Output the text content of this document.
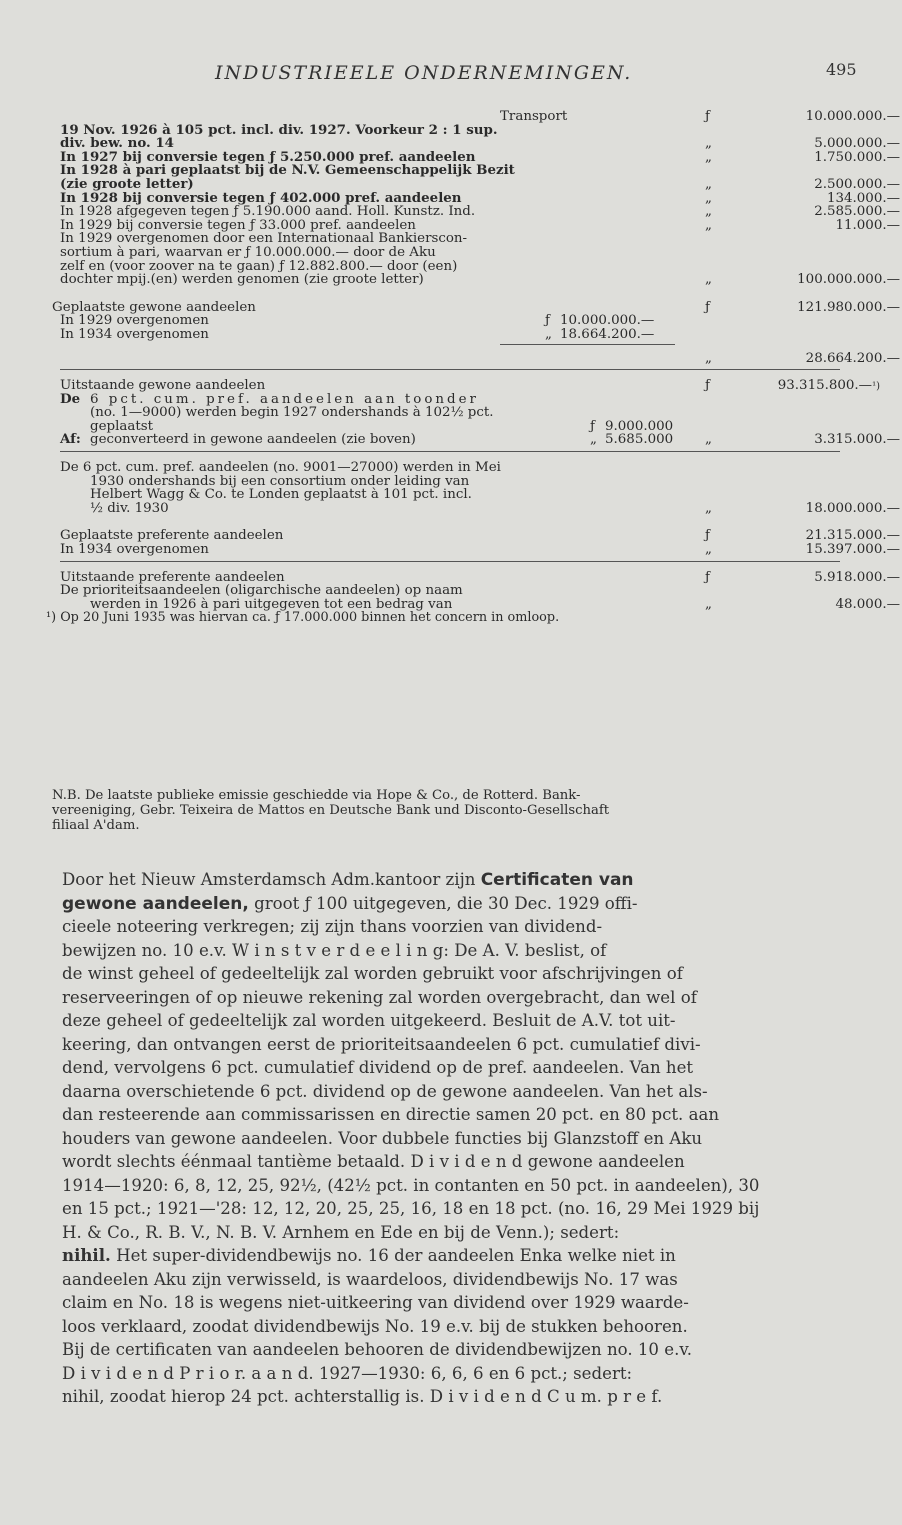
INDUSTRIEELE ONDERNEMINGEN.	495
Transport	ƒ	10.000.000.—
19 Nov. 1926 à 105 pct. incl. div. 1927. Voorkeur 2 : 1 sup.
div. bew. no. 14	„	5.000.000.—
In 1927 bij conversie tegen ƒ 5.250.000 pref. aandeelen	„	1.750.000.—
In 1928 à pari geplaatst bij de N.V. Gemeenschappelijk Bezit
(zie groote letter)	„	2.500.000.—
In 1928 bij conversie tegen ƒ 402.000 pref. aandeelen	„	134.000.—
In 1928 afgegeven tegen ƒ 5.190.000 aand. Holl. Kunstz. Ind.	„	2.585.000.—
In 1929 bij conversie tegen ƒ 33.000 pref. aandeelen	„	11.000.—
In 1929 overgenomen door een Internationaal Bankierscon-
sortium à pari, waarvan er ƒ 10.000.000.— door de Aku
zelf en (voor zoover na te gaan) ƒ 12.882.800.— door (een)
dochter mpij.(en) werden genomen (zie groote letter)	„	100.000.000.—
Geplaatste gewone aandeelen	ƒ	121.980.000.—
In 1929 overgenomen	ƒ 10.000.000.—
In 1934 overgenomen	„ 18.664.200.—
„	28.664.200.—
Uitstaande gewone aandeelen	ƒ	93.315.800.—¹)
De 6 pct. cum. pref. aandeelen aan toonder
(no. 1—9000) werden begin 1927 ondershands à 102½ pct.
geplaatst	ƒ 9.000.000
Af: geconverteerd in gewone aandeelen (zie boven)	„ 5.685.000 „	3.315.000.—
De 6 pct. cum. pref. aandeelen (no. 9001—27000) werden in Mei
1930 ondershands bij een consortium onder leiding van
Helbert Wagg & Co. te Londen geplaatst à 101 pct. incl.
½ div. 1930	„	18.000.000.—
Geplaatste preferente aandeelen	ƒ	21.315.000.—
In 1934 overgenomen	„	15.397.000.—
Uitstaande preferente aandeelen	ƒ	5.918.000.—
De prioriteitsaandeelen (oligarchische aandeelen) op naam
werden in 1926 à pari uitgegeven tot een bedrag van	„	48.000.—
¹) Op 20 Juni 1935 was hiervan ca. ƒ 17.000.000 binnen het concern in omloop.
N.B. De laatste publieke emissie geschiedde via Hope & Co., de Rotterd. Bank-
vereeniging, Gebr. Teixeira de Mattos en Deutsche Bank und Disconto-Gesellschaft
filiaal A'dam.
Door het Nieuw Amsterdamsch Adm.kantoor zijn Certificaten van
gewone aandeelen, groot ƒ 100 uitgegeven, die 30 Dec. 1929 offi-
cieele noteering verkregen; zij zijn thans voorzien van dividend-
bewijzen no. 10 e.v. W i n s t v e r d e e l i n g: De A. V. beslist, of
de winst geheel of gedeeltelijk zal worden gebruikt voor afschrijvingen of
reserveeringen of op nieuwe rekening zal worden overgebracht, dan wel of
deze geheel of gedeeltelijk zal worden uitgekeerd. Besluit de A.V. tot uit-
keering, dan ontvangen eerst de prioriteitsaandeelen 6 pct. cumulatief divi-
dend, vervolgens 6 pct. cumulatief dividend op de pref. aandeelen. Van het
daarna overschietende 6 pct. dividend op de gewone aandeelen. Van het als-
dan resteerende aan commissarissen en directie samen 20 pct. en 80 pct. aan
houders van gewone aandeelen. Voor dubbele functies bij Glanzstoff en Aku
wordt slechts éénmaal tantième betaald. D i v i d e n d gewone aandeelen
1914—1920: 6, 8, 12, 25, 92½, (42½ pct. in contanten en 50 pct. in aandeelen), 30
en 15 pct.; 1921—'28: 12, 12, 20, 25, 25, 16, 18 en 18 pct. (no. 16, 29 Mei 1929 bij
H. & Co., R. B. V., N. B. V. Arnhem en Ede en bij de Venn.); sedert:
nihil. Het super-dividendbewijs no. 16 der aandeelen Enka welke niet in
aandeelen Aku zijn verwisseld, is waardeloos, dividendbewijs No. 17 was
claim en No. 18 is wegens niet-uitkeering van dividend over 1929 waarde-
loos verklaard, zoodat dividendbewijs No. 19 e.v. bij de stukken behooren.
Bij de certificaten van aandeelen behooren de dividendbewijzen no. 10 e.v.
D i v i d e n d P r i o r. a a n d. 1927—1930: 6, 6, 6 en 6 pct.; sedert:
nihil, zoodat hierop 24 pct. achterstallig is. D i v i d e n d C u m. p r e f.
